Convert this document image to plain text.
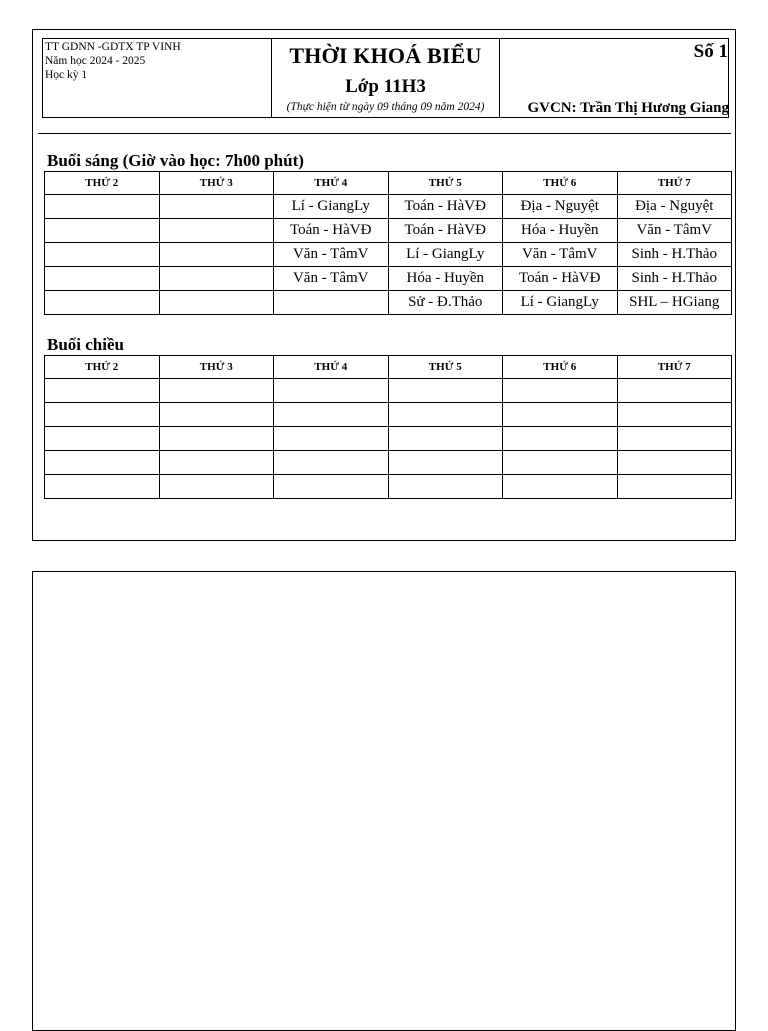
TT GDNN -GDTX TP VINH
Năm học 2024 - 2025
Học kỳ 1
THỜI KHOÁ BIỂU
Lớp 11H3
(Thực hiện từ ngày 09 tháng 09 năm 2024)
Số 1
GVCN: Trần Thị Hương Giang
Buổi sáng (Giờ vào học: 7h00 phút)
THỨ 2	THỨ 3	THỨ 4	THỨ 5	THỨ 6	THỨ 7
		Lí - GiangLy	Toán - HàVĐ	Địa - Nguyệt	Địa - Nguyệt
		Toán - HàVĐ	Toán - HàVĐ	Hóa - Huyền	Văn - TâmV
		Văn - TâmV	Lí - GiangLy	Văn - TâmV	Sinh - H.Thảo
		Văn - TâmV	Hóa - Huyền	Toán - HàVĐ	Sinh - H.Thảo
			Sử - Đ.Thảo	Lí - GiangLy	SHL – HGiang
Buổi chiều
THỨ 2	THỨ 3	THỨ 4	THỨ 5	THỨ 6	THỨ 7
